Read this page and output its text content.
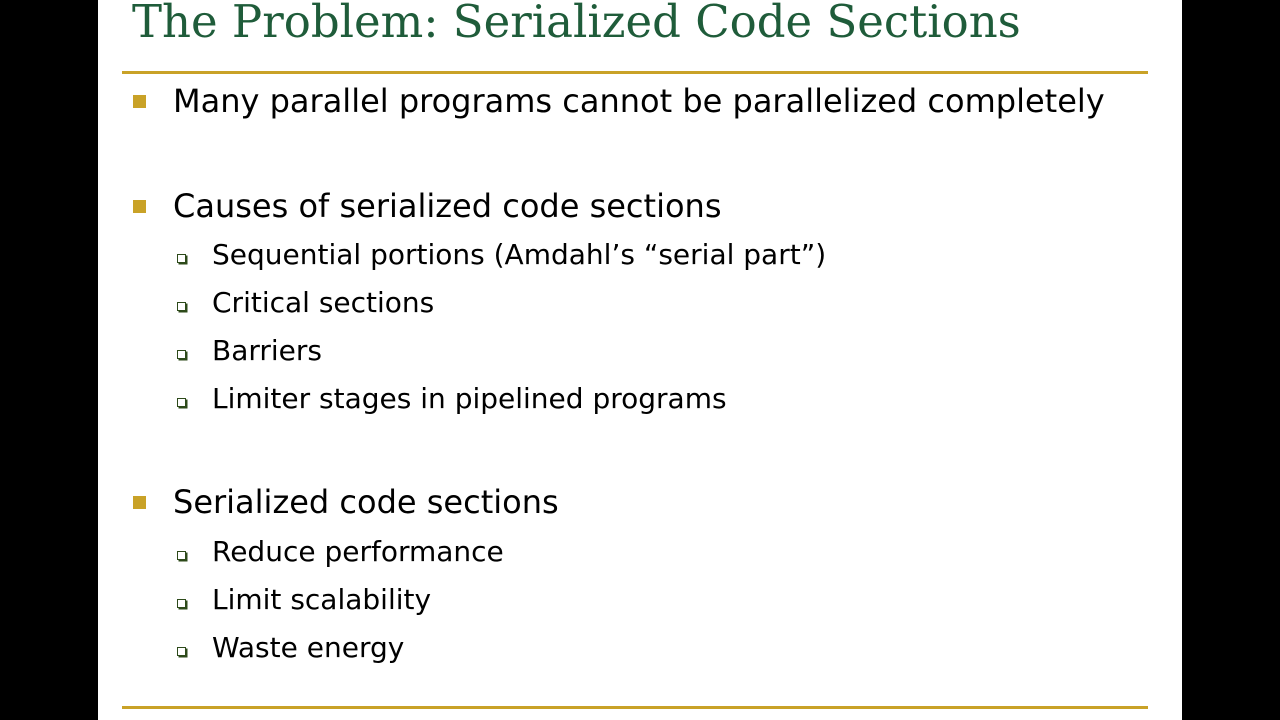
The Problem: Serialized Code Sections
Many parallel programs cannot be parallelized completely
Causes of serialized code sections
Sequential portions (Amdahl’s “serial part”)
Critical sections
Barriers
Limiter stages in pipelined programs
Serialized code sections
Reduce performance
Limit scalability
Waste energy
